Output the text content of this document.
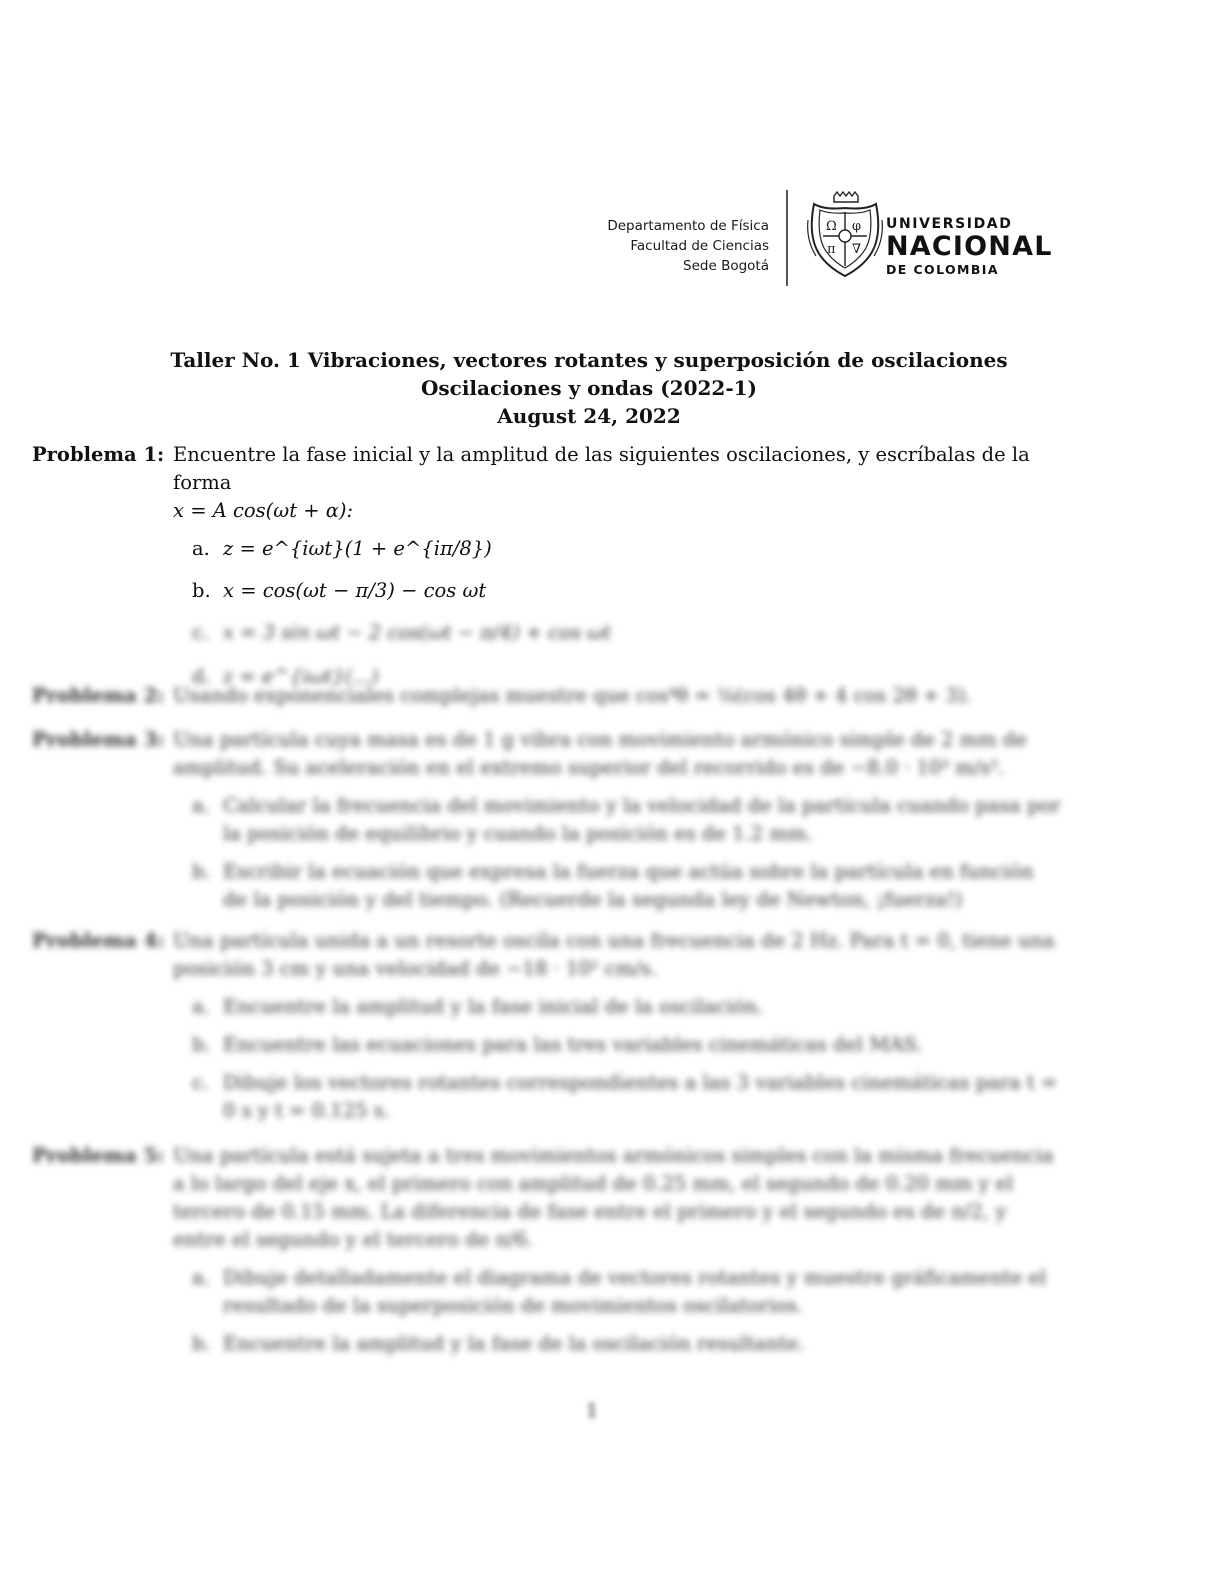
Departamento de Física
Facultad de Ciencias
Sede Bogotá
Ω φ
π ∇
UNIVERSIDAD
NACIONAL
DE COLOMBIA
Taller No. 1 Vibraciones, vectores rotantes y superposición de oscilaciones
Oscilaciones y ondas (2022-1)
August 24, 2022
Problema 1: Encuentre la fase inicial y la amplitud de las siguientes oscilaciones, y escríbalas de la forma
x = A cos(ωt + α):
a. z = e^{iωt}(1 + e^{iπ/8})
b. x = cos(ωt − π/3) − cos ωt
c. x = 3 sin ωt − 2 cos(ωt − π/4) + cos ωt
d. z = e^{iωt}(...)
Problema 2: Usando exponenciales complejas muestre que cos⁴θ = ⅛(cos 4θ + 4 cos 2θ + 3).
Problema 3: Una partícula cuya masa es de 1 g vibra con movimiento armónico simple de 2 mm de amplitud. Su aceleración en el extremo superior del recorrido es de −8.0 · 10³ m/s².
a. Calcular la frecuencia del movimiento y la velocidad de la partícula cuando pasa por la posición de equilibrio y cuando la posición es de 1.2 mm.
b. Escribir la ecuación que expresa la fuerza que actúa sobre la partícula en función de la posición y del tiempo. (Recuerde la segunda ley de Newton, ¡fuerza!)
Problema 4: Una partícula unida a un resorte oscila con una frecuencia de 2 Hz. Para t = 0, tiene una posición 3 cm y una velocidad de −18 · 10² cm/s.
a. Encuentre la amplitud y la fase inicial de la oscilación.
b. Encuentre las ecuaciones para las tres variables cinemáticas del MAS.
c. Dibuje los vectores rotantes correspondientes a las 3 variables cinemáticas para t = 0 s y t = 0.125 s.
Problema 5: Una partícula está sujeta a tres movimientos armónicos simples con la misma frecuencia a lo largo del eje x, el primero con amplitud de 0.25 mm, el segundo de 0.20 mm y el tercero de 0.15 mm. La diferencia de fase entre el primero y el segundo es de π/2, y entre el segundo y el tercero de π/6.
a. Dibuje detalladamente el diagrama de vectores rotantes y muestre gráficamente el resultado de la superposición de movimientos oscilatorios.
b. Encuentre la amplitud y la fase de la oscilación resultante.
1
